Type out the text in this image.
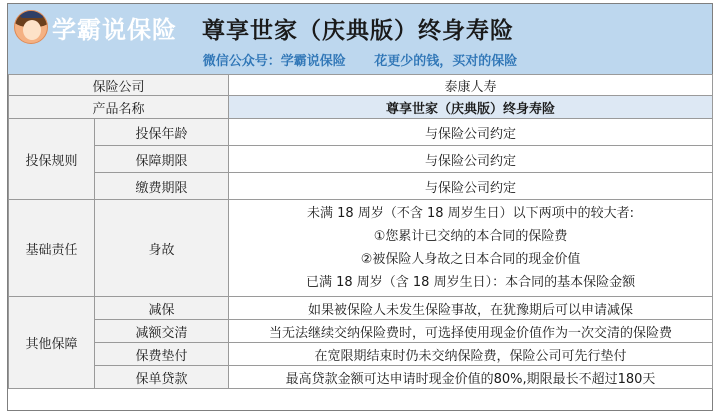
学霸说保险 尊享世家（庆典版）终身寿险
微信公众号：学霸说保险 花更少的钱，买对的保险
保险公司		泰康人寿
产品名称		尊享世家（庆典版）终身寿险
投保规则	投保年龄	与保险公司约定
	保障期限	与保险公司约定
	缴费期限	与保险公司约定
基础责任	身故	未满 18 周岁（不含 18 周岁生日）以下两项中的较大者:
①您累计已交纳的本合同的保险费
②被保险人身故之日本合同的现金价值
已满 18 周岁（含 18 周岁生日）：本合同的基本保险金额

其他保障	减保	如果被保险人未发生保险事故，在犹豫期后可以申请减保
	减额交清	当无法继续交纳保险费时，可选择使用现金价值作为一次交清的保险费
	保费垫付	在宽限期结束时仍未交纳保险费，保险公司可先行垫付
	保单贷款	最高贷款金额可达申请时现金价值的80%,期限最长不超过180天
